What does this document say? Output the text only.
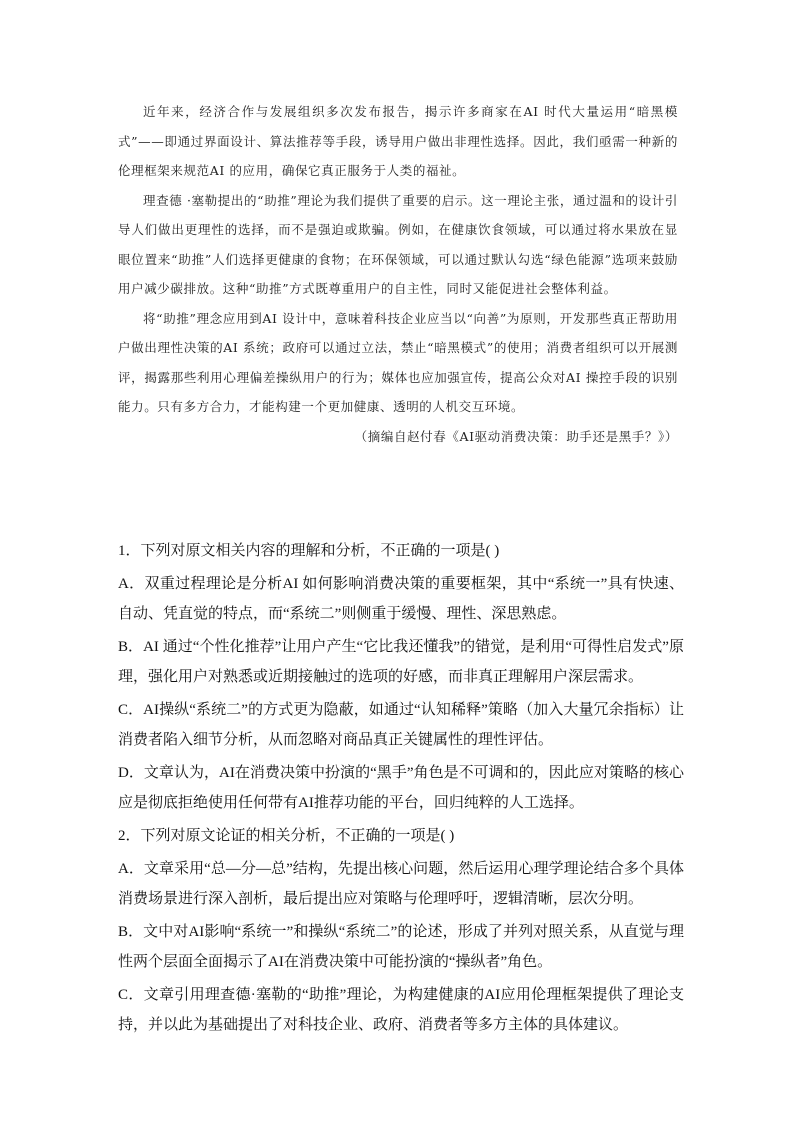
近年来，经济合作与发展组织多次发布报告，揭示许多商家在AI 时代大量运用“暗黑模式”——即通过界面设计、算法推荐等手段，诱导用户做出非理性选择。因此，我们亟需一种新的伦理框架来规范AI 的应用，确保它真正服务于人类的福祉。

理查德 ·塞勒提出的“助推”理论为我们提供了重要的启示。这一理论主张，通过温和的设计引导人们做出更理性的选择，而不是强迫或欺骗。例如，在健康饮食领域，可以通过将水果放在显眼位置来“助推”人们选择更健康的食物；在环保领域，可以通过默认勾选“绿色能源”选项来鼓励用户减少碳排放。这种“助推”方式既尊重用户的自主性，同时又能促进社会整体利益。

将“助推”理念应用到AI 设计中，意味着科技企业应当以“向善”为原则，开发那些真正帮助用户做出理性决策的AI 系统；政府可以通过立法，禁止“暗黑模式”的使用；消费者组织可以开展测评，揭露那些利用心理偏差操纵用户的行为；媒体也应加强宣传，提高公众对AI 操控手段的识别能力。只有多方合力，才能构建一个更加健康、透明的人机交互环境。

（摘编自赵付春《AI驱动消费决策：助手还是黑手？》）

1．下列对原文相关内容的理解和分析，不正确的一项是( )

A．双重过程理论是分析AI 如何影响消费决策的重要框架，其中“系统一”具有快速、自动、凭直觉的特点，而“系统二”则侧重于缓慢、理性、深思熟虑。

B．AI 通过“个性化推荐”让用户产生“它比我还懂我”的错觉，是利用“可得性启发式”原理，强化用户对熟悉或近期接触过的选项的好感，而非真正理解用户深层需求。

C．AI操纵“系统二”的方式更为隐蔽，如通过“认知稀释”策略（加入大量冗余指标）让消费者陷入细节分析，从而忽略对商品真正关键属性的理性评估。

D．文章认为，AI在消费决策中扮演的“黑手”角色是不可调和的，因此应对策略的核心应是彻底拒绝使用任何带有AI推荐功能的平台，回归纯粹的人工选择。

2．下列对原文论证的相关分析，不正确的一项是( )

A．文章采用“总—分—总”结构，先提出核心问题，然后运用心理学理论结合多个具体消费场景进行深入剖析，最后提出应对策略与伦理呼吁，逻辑清晰，层次分明。

B．文中对AI影响“系统一”和操纵“系统二”的论述，形成了并列对照关系，从直觉与理性两个层面全面揭示了AI在消费决策中可能扮演的“操纵者”角色。

C．文章引用理查德·塞勒的“助推”理论，为构建健康的AI应用伦理框架提供了理论支持，并以此为基础提出了对科技企业、政府、消费者等多方主体的具体建议。
